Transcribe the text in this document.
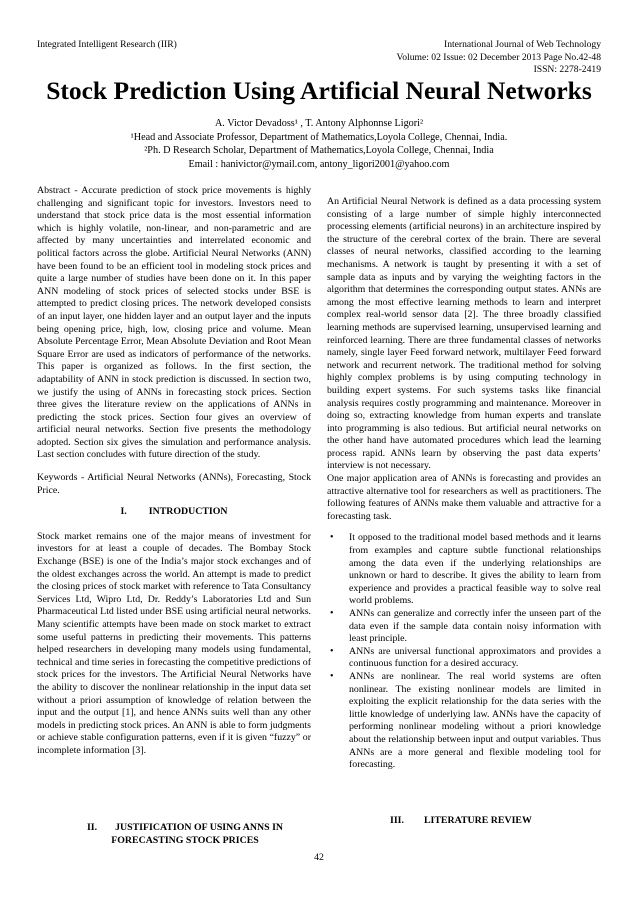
Integrated Intelligent Research (IIR)	International Journal of Web Technology
Volume: 02 Issue: 02 December 2013 Page No.42-48
ISSN: 2278-2419
Stock Prediction Using Artificial Neural Networks
A. Victor Devadoss¹ , T. Antony Alphonnse Ligori²
¹Head and Associate Professor, Department of Mathematics,Loyola College, Chennai, India.
²Ph. D Research Scholar, Department of Mathematics,Loyola College, Chennai, India
Email : hanivictor@ymail.com, antony_ligori2001@yahoo.com

Abstract - Accurate prediction of stock price movements is highly challenging and significant topic for investors. Investors need to understand that stock price data is the most essential information which is highly volatile, non-linear, and non-parametric and are affected by many uncertainties and interrelated economic and political factors across the globe. Artificial Neural Networks (ANN) have been found to be an efficient tool in modeling stock prices and quite a large number of studies have been done on it. In this paper ANN modeling of stock prices of selected stocks under BSE is attempted to predict closing prices. The network developed consists of an input layer, one hidden layer and an output layer and the inputs being opening price, high, low, closing price and volume. Mean Absolute Percentage Error, Mean Absolute Deviation and Root Mean Square Error are used as indicators of performance of the networks. This paper is organized as follows. In the first section, the adaptability of ANN in stock prediction is discussed. In section two, we justify the using of ANNs in forecasting stock prices. Section three gives the literature review on the applications of ANNs in predicting the stock prices. Section four gives an overview of artificial neural networks. Section five presents the methodology adopted. Section six gives the simulation and performance analysis. Last section concludes with future direction of the study.

Keywords - Artificial Neural Networks (ANNs), Forecasting, Stock Price.

I. INTRODUCTION

Stock market remains one of the major means of investment for investors for at least a couple of decades. The Bombay Stock Exchange (BSE) is one of the India’s major stock exchanges and of the oldest exchanges across the world. An attempt is made to predict the closing prices of stock market with reference to Tata Consultancy Services Ltd, Wipro Ltd, Dr. Reddy’s Laboratories Ltd and Sun Pharmaceutical Ltd listed under BSE using artificial neural networks. Many scientific attempts have been made on stock market to extract some useful patterns in predicting their movements. This patterns helped researchers in developing many models using fundamental, technical and time series in forecasting the competitive predictions of stock prices for the investors. The Artificial Neural Networks have the ability to discover the nonlinear relationship in the input data set without a priori assumption of knowledge of relation between the input and the output [1], and hence ANNs suits well than any other models in predicting stock prices. An ANN is able to form judgments or achieve stable configuration patterns, even if it is given “fuzzy” or incomplete information [3].

II. JUSTIFICATION OF USING ANNS IN FORECASTING STOCK PRICES

An Artificial Neural Network is defined as a data processing system consisting of a large number of simple highly interconnected processing elements (artificial neurons) in an architecture inspired by the structure of the cerebral cortex of the brain. There are several classes of neural networks, classified according to the learning mechanisms. A network is taught by presenting it with a set of sample data as inputs and by varying the weighting factors in the algorithm that determines the corresponding output states. ANNs are among the most effective learning methods to learn and interpret complex real-world sensor data [2]. The three broadly classified learning methods are supervised learning, unsupervised learning and reinforced learning. There are three fundamental classes of networks namely, single layer Feed forward network, multilayer Feed forward network and recurrent network. The traditional method for solving highly complex problems is by using computing technology in building expert systems. For such systems tasks like financial analysis requires costly programming and maintenance. Moreover in doing so, extracting knowledge from human experts and translate into programming is also tedious. But artificial neural networks on the other hand have automated procedures which lead the learning process rapid. ANNs learn by observing the past data experts’ interview is not necessary.

One major application area of ANNs is forecasting and provides an attractive alternative tool for researchers as well as practitioners. The following features of ANNs make them valuable and attractive for a forecasting task.

• It opposed to the traditional model based methods and it learns from examples and capture subtle functional relationships among the data even if the underlying relationships are unknown or hard to describe. It gives the ability to learn from experience and provides a practical feasible way to solve real world problems.
• ANNs can generalize and correctly infer the unseen part of the data even if the sample data contain noisy information with least principle.
• ANNs are universal functional approximators and provides a continuous function for a desired accuracy.
• ANNs are nonlinear. The real world systems are often nonlinear. The existing nonlinear models are limited in exploiting the explicit relationship for the data series with the little knowledge of underlying law. ANNs have the capacity of performing nonlinear modeling without a priori knowledge about the relationship between input and output variables. Thus ANNs are a more general and flexible modeling tool for forecasting.
III. LITERATURE REVIEW
42
